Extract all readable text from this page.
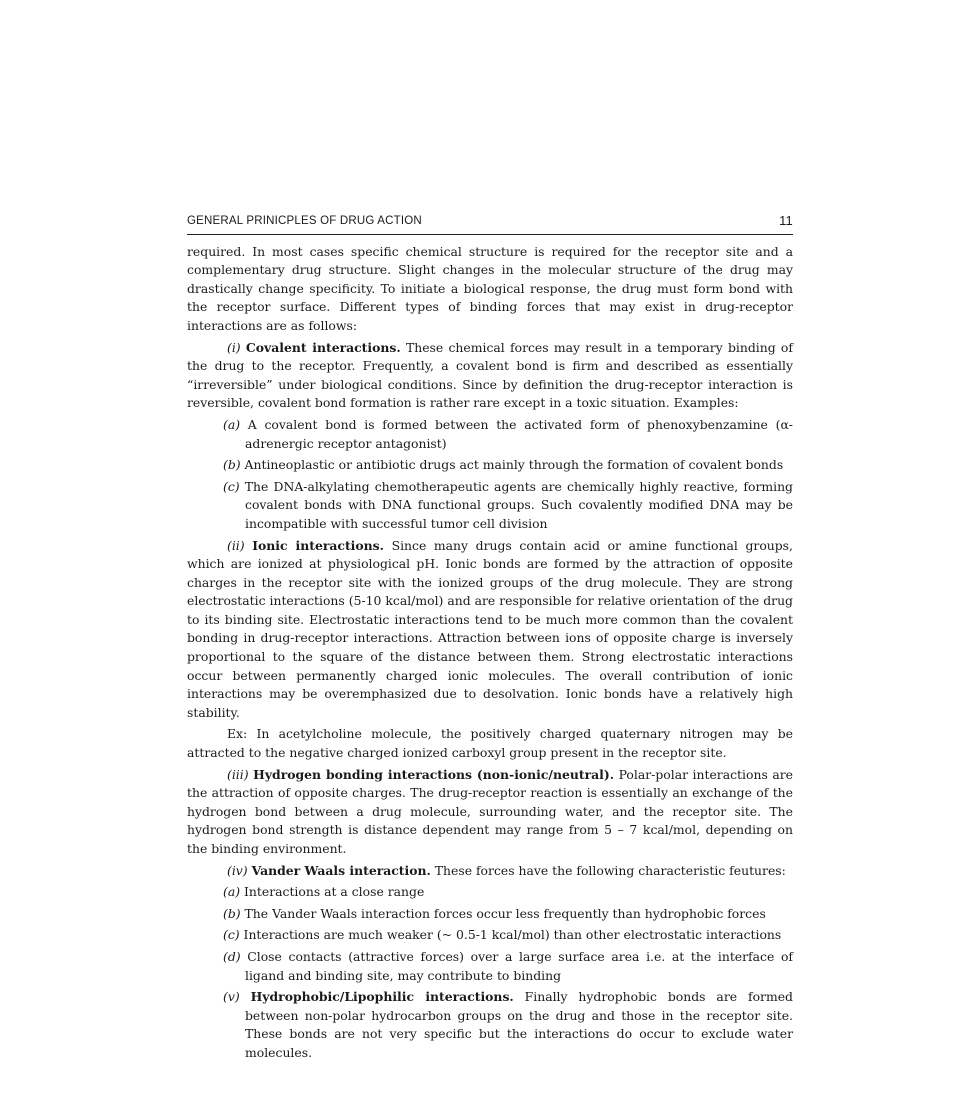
GENERAL PRINICPLES OF DRUG ACTION	11

required. In most cases specific chemical structure is required for the receptor site and a complementary drug structure. Slight changes in the molecular structure of the drug may drastically change specificity. To initiate a biological response, the drug must form bond with the receptor surface. Different types of binding forces that may exist in drug-receptor interactions are as follows:

(i) Covalent interactions. These chemical forces may result in a temporary binding of the drug to the receptor. Frequently, a covalent bond is firm and described as essentially “irreversible” under biological conditions. Since by definition the drug-receptor interaction is reversible, covalent bond formation is rather rare except in a toxic situation. Examples:

(a) A covalent bond is formed between the activated form of phenoxybenzamine (α-adrenergic receptor antagonist)
(b) Antineoplastic or antibiotic drugs act mainly through the formation of covalent bonds
(c) The DNA-alkylating chemotherapeutic agents are chemically highly reactive, forming covalent bonds with DNA functional groups. Such covalently modified DNA may be incompatible with successful tumor cell division

(ii) Ionic interactions. Since many drugs contain acid or amine functional groups, which are ionized at physiological pH. Ionic bonds are formed by the attraction of opposite charges in the receptor site with the ionized groups of the drug molecule. They are strong electrostatic interactions (5-10 kcal/mol) and are responsible for relative orientation of the drug to its binding site. Electrostatic interactions tend to be much more common than the covalent bonding in drug-receptor interactions. Attraction between ions of opposite charge is inversely proportional to the square of the distance between them. Strong electrostatic interactions occur between permanently charged ionic molecules. The overall contribution of ionic interactions may be overemphasized due to desolvation. Ionic bonds have a relatively high stability.

Ex: In acetylcholine molecule, the positively charged quaternary nitrogen may be attracted to the negative charged ionized carboxyl group present in the receptor site.

(iii) Hydrogen bonding interactions (non-ionic/neutral). Polar-polar interactions are the attraction of opposite charges. The drug-receptor reaction is essentially an exchange of the hydrogen bond between a drug molecule, surrounding water, and the receptor site. The hydrogen bond strength is distance dependent may range from 5 – 7 kcal/mol, depending on the binding environment.

(iv) Vander Waals interaction. These forces have the following characteristic feutures:

(a) Interactions at a close range
(b) The Vander Waals interaction forces occur less frequently than hydrophobic forces
(c) Interactions are much weaker (~ 0.5-1 kcal/mol) than other electrostatic interactions
(d) Close contacts (attractive forces) over a large surface area i.e. at the interface of ligand and binding site, may contribute to binding
(v) Hydrophobic/Lipophilic interactions. Finally hydrophobic bonds are formed between non-polar hydrocarbon groups on the drug and those in the receptor site. These bonds are not very specific but the interactions do occur to exclude water molecules.
